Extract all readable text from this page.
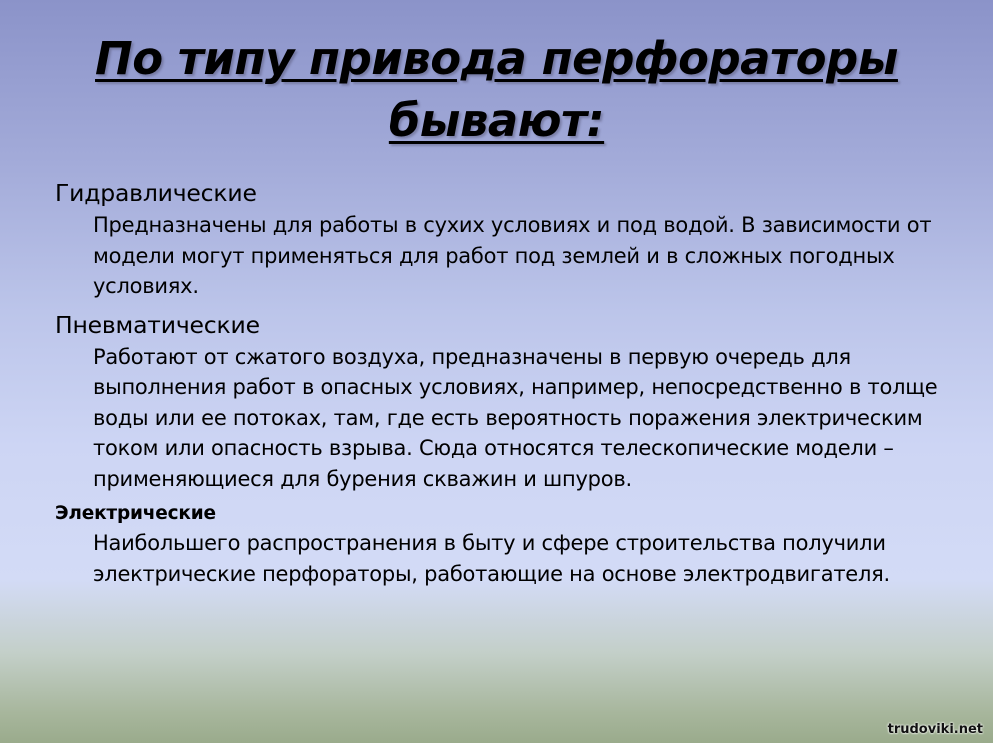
По типу привода перфораторы бывают:

Гидравлические

Предназначены для работы в сухих условиях и под водой. В зависимости от модели могут применяться для работ под землей и в сложных погодных условиях.

Пневматические

Работают от сжатого воздуха, предназначены в первую очередь для выполнения работ в опасных условиях, например, непосредственно в толще воды или ее потоках, там, где есть вероятность поражения электрическим током или опасность взрыва. Сюда относятся телескопические модели – применяющиеся для бурения скважин и шпуров.

Электрические

Наибольшего распространения в быту и сфере строительства получили электрические перфораторы, работающие на основе электродвигателя.

trudoviki.net
